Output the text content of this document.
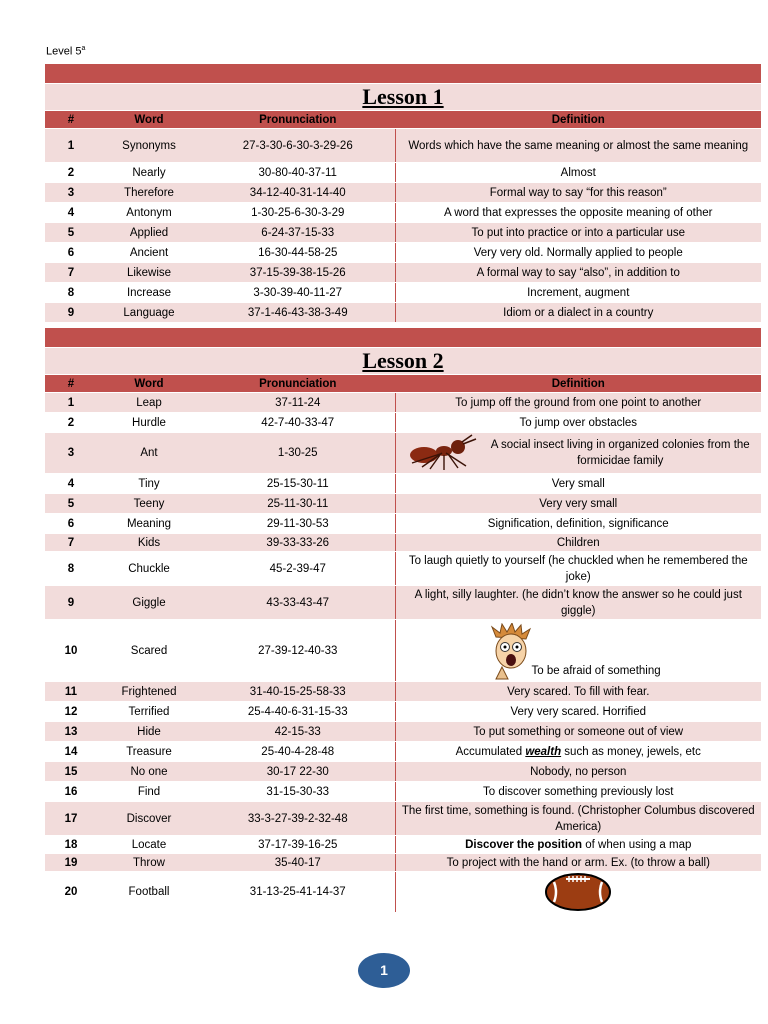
Level 5$^a$

Lesson 1			
#	Word	Pronunciation	Definition
1	Synonyms	27-3-30-6-30-3-29-26	Words which have the same meaning or almost the same meaning
2	Nearly	30-80-40-37-11	Almost
3	Therefore	34-12-40-31-14-40	Formal way to say “for this reason”
4	Antonym	1-30-25-6-30-3-29	A word that expresses the opposite meaning of other
5	Applied	6-24-37-15-33	To put into practice or into a particular use
6	Ancient	16-30-44-58-25	Very very old. Normally applied to people
7	Likewise	37-15-39-38-15-26	A formal way to say “also”, in addition to
8	Increase	3-30-39-40-11-27	Increment, augment
9	Language	37-1-46-43-38-3-49	Idiom or a dialect in a country

Lesson 2			
#	Word	Pronunciation	Definition
1	Leap	37-11-24	To jump off the ground from one point to another
2	Hurdle	42-7-40-33-47	To jump over obstacles
3	Ant	1-30-25	A social insect living in organized colonies from the formicidae family

4	Tiny	25-15-30-11	Very small
5	Teeny	25-11-30-11	Very very small
6	Meaning	29-11-30-53	Signification, definition, significance
7	Kids	39-33-33-26	Children
8	Chuckle	45-2-39-47	To laugh quietly to yourself (he chuckled when he remembered the joke)
9	Giggle	43-33-43-47	A light, silly laughter. (he didn’t know the answer so he could just giggle)
10	Scared	27-39-12-40-33	To be afraid of something

11	Frightened	31-40-15-25-58-33	Very scared. To fill with fear.
12	Terrified	25-4-40-6-31-15-33	Very very scared. Horrified
13	Hide	42-15-33	To put something or someone out of view
14	Treasure	25-40-4-28-48	Accumulated wealth such as money, jewels, etc
15	No one	30-17 22-30	Nobody, no person
16	Find	31-15-30-33	To discover something previously lost
17	Discover	33-3-27-39-2-32-48	The first time, something is found. (Christopher Columbus discovered America)
18	Locate	37-17-39-16-25	Discover the position of when using a map
19	Throw	35-40-17	To project with the hand or arm. Ex. (to throw a ball)
20	Football	31-13-25-41-14-37	
1
